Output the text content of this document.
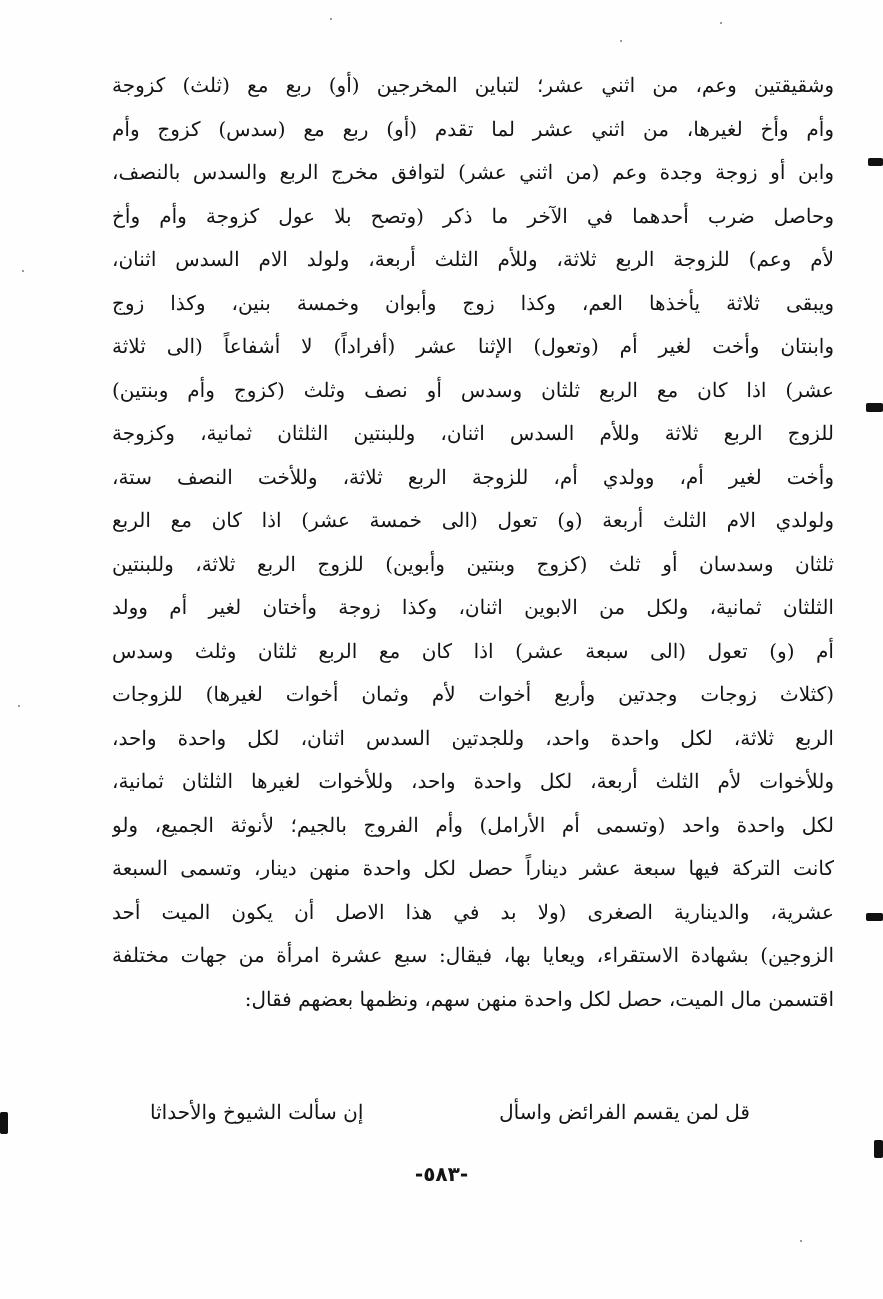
وشقيقتين وعم، من اثني عشر؛ لتباين المخرجين (أو) ربع مع (ثلث) كزوجة
وأم وأخ لغيرها، من اثني عشر لما تقدم (أو) ربع مع (سدس) كزوج وأم
وابن أو زوجة وجدة وعم (من اثني عشر) لتوافق مخرج الربع والسدس بالنصف،
وحاصل ضرب أحدهما في الآخر ما ذكر (وتصح بلا عول كزوجة وأم وأخ
لأم وعم) للزوجة الربع ثلاثة، وللأم الثلث أربعة، ولولد الام السدس اثنان،
ويبقى ثلاثة يأخذها العم، وكذا زوج وأبوان وخمسة بنين، وكذا زوج
وابنتان وأخت لغير أم (وتعول) الإثنا عشر (أفراداً) لا أشفاعاً (الى ثلاثة
عشر) اذا كان مع الربع ثلثان وسدس أو نصف وثلث (كزوج وأم وبنتين)
للزوج الربع ثلاثة وللأم السدس اثنان، وللبنتين الثلثان ثمانية، وكزوجة
وأخت لغير أم، وولدي أم، للزوجة الربع ثلاثة، وللأخت النصف ستة،
ولولدي الام الثلث أربعة (و) تعول (الى خمسة عشر) اذا كان مع الربع
ثلثان وسدسان أو ثلث (كزوج وبنتين وأبوين) للزوج الربع ثلاثة، وللبنتين
الثلثان ثمانية، ولكل من الابوين اثنان، وكذا زوجة وأختان لغير أم وولد
أم (و) تعول (الى سبعة عشر) اذا كان مع الربع ثلثان وثلث وسدس
(كثلاث زوجات وجدتين وأربع أخوات لأم وثمان أخوات لغيرها) للزوجات
الربع ثلاثة، لكل واحدة واحد، وللجدتين السدس اثنان، لكل واحدة واحد،
وللأخوات لأم الثلث أربعة، لكل واحدة واحد، وللأخوات لغيرها الثلثان ثمانية،
لكل واحدة واحد (وتسمى أم الأرامل) وأم الفروج بالجيم؛ لأنوثة الجميع، ولو
كانت التركة فيها سبعة عشر ديناراً حصل لكل واحدة منهن دينار، وتسمى السبعة
عشرية، والدينارية الصغرى (ولا بد في هذا الاصل أن يكون الميت أحد
الزوجين) بشهادة الاستقراء، ويعايا بها، فيقال: سبع عشرة امرأة من جهات مختلفة
اقتسمن مال الميت، حصل لكل واحدة منهن سهم، ونظمها بعضهم فقال:
قل لمن يقسم الفرائض واسأل
إن سألت الشيوخ والأحداثا
-٥٨٣-
